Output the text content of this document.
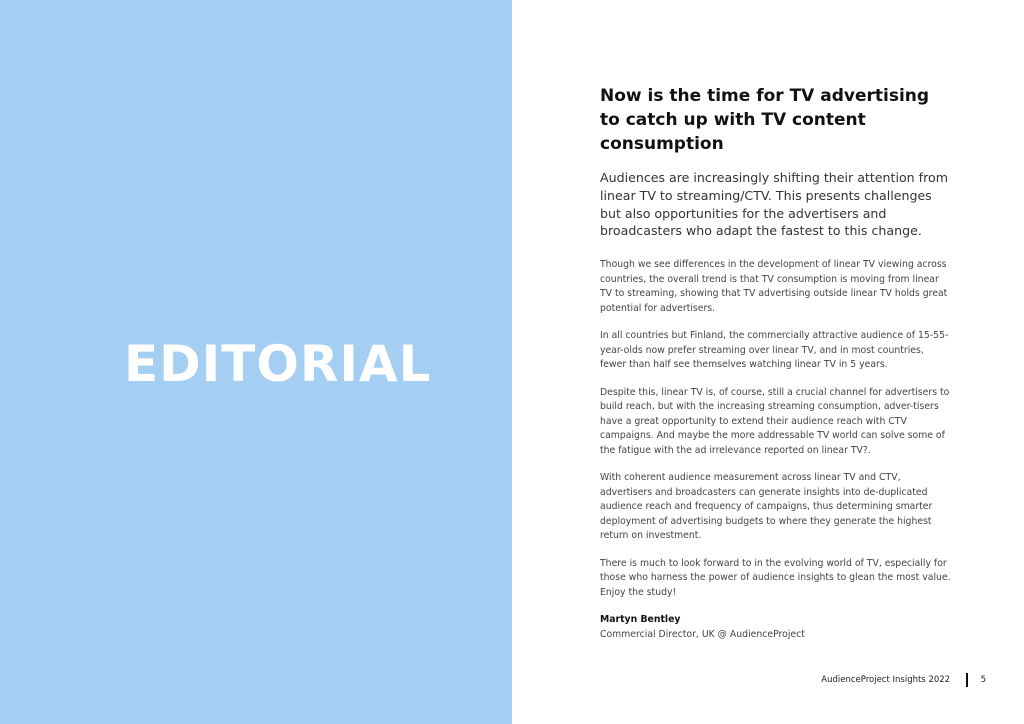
EDITORIAL
Now is the time for TV advertising to catch up with TV content consumption

Audiences are increasingly shifting their attention from linear TV to streaming/CTV. This presents challenges but also opportunities for the advertisers and broadcasters who adapt the fastest to this change.

Though we see differences in the development of linear TV viewing across countries, the overall trend is that TV consumption is moving from linear TV to streaming, showing that TV advertising outside linear TV holds great potential for advertisers.

In all countries but Finland, the commercially attractive audience of 15-55-year-olds now prefer streaming over linear TV, and in most countries, fewer than half see themselves watching linear TV in 5 years.

Despite this, linear TV is, of course, still a crucial channel for advertisers to build reach, but with the increasing streaming consumption, adver-tisers have a great opportunity to extend their audience reach with CTV campaigns. And maybe the more addressable TV world can solve some of the fatigue with the ad irrelevance reported on linear TV?.

With coherent audience measurement across linear TV and CTV, advertisers and broadcasters can generate insights into de-duplicated audience reach and frequency of campaigns, thus determining smarter deployment of advertising budgets to where they generate the highest return on investment.

There is much to look forward to in the evolving world of TV, especially for those who harness the power of audience insights to glean the most value. Enjoy the study!

Martyn Bentley

Commercial Director, UK @ AudienceProject

AudienceProject Insights 2022	5
